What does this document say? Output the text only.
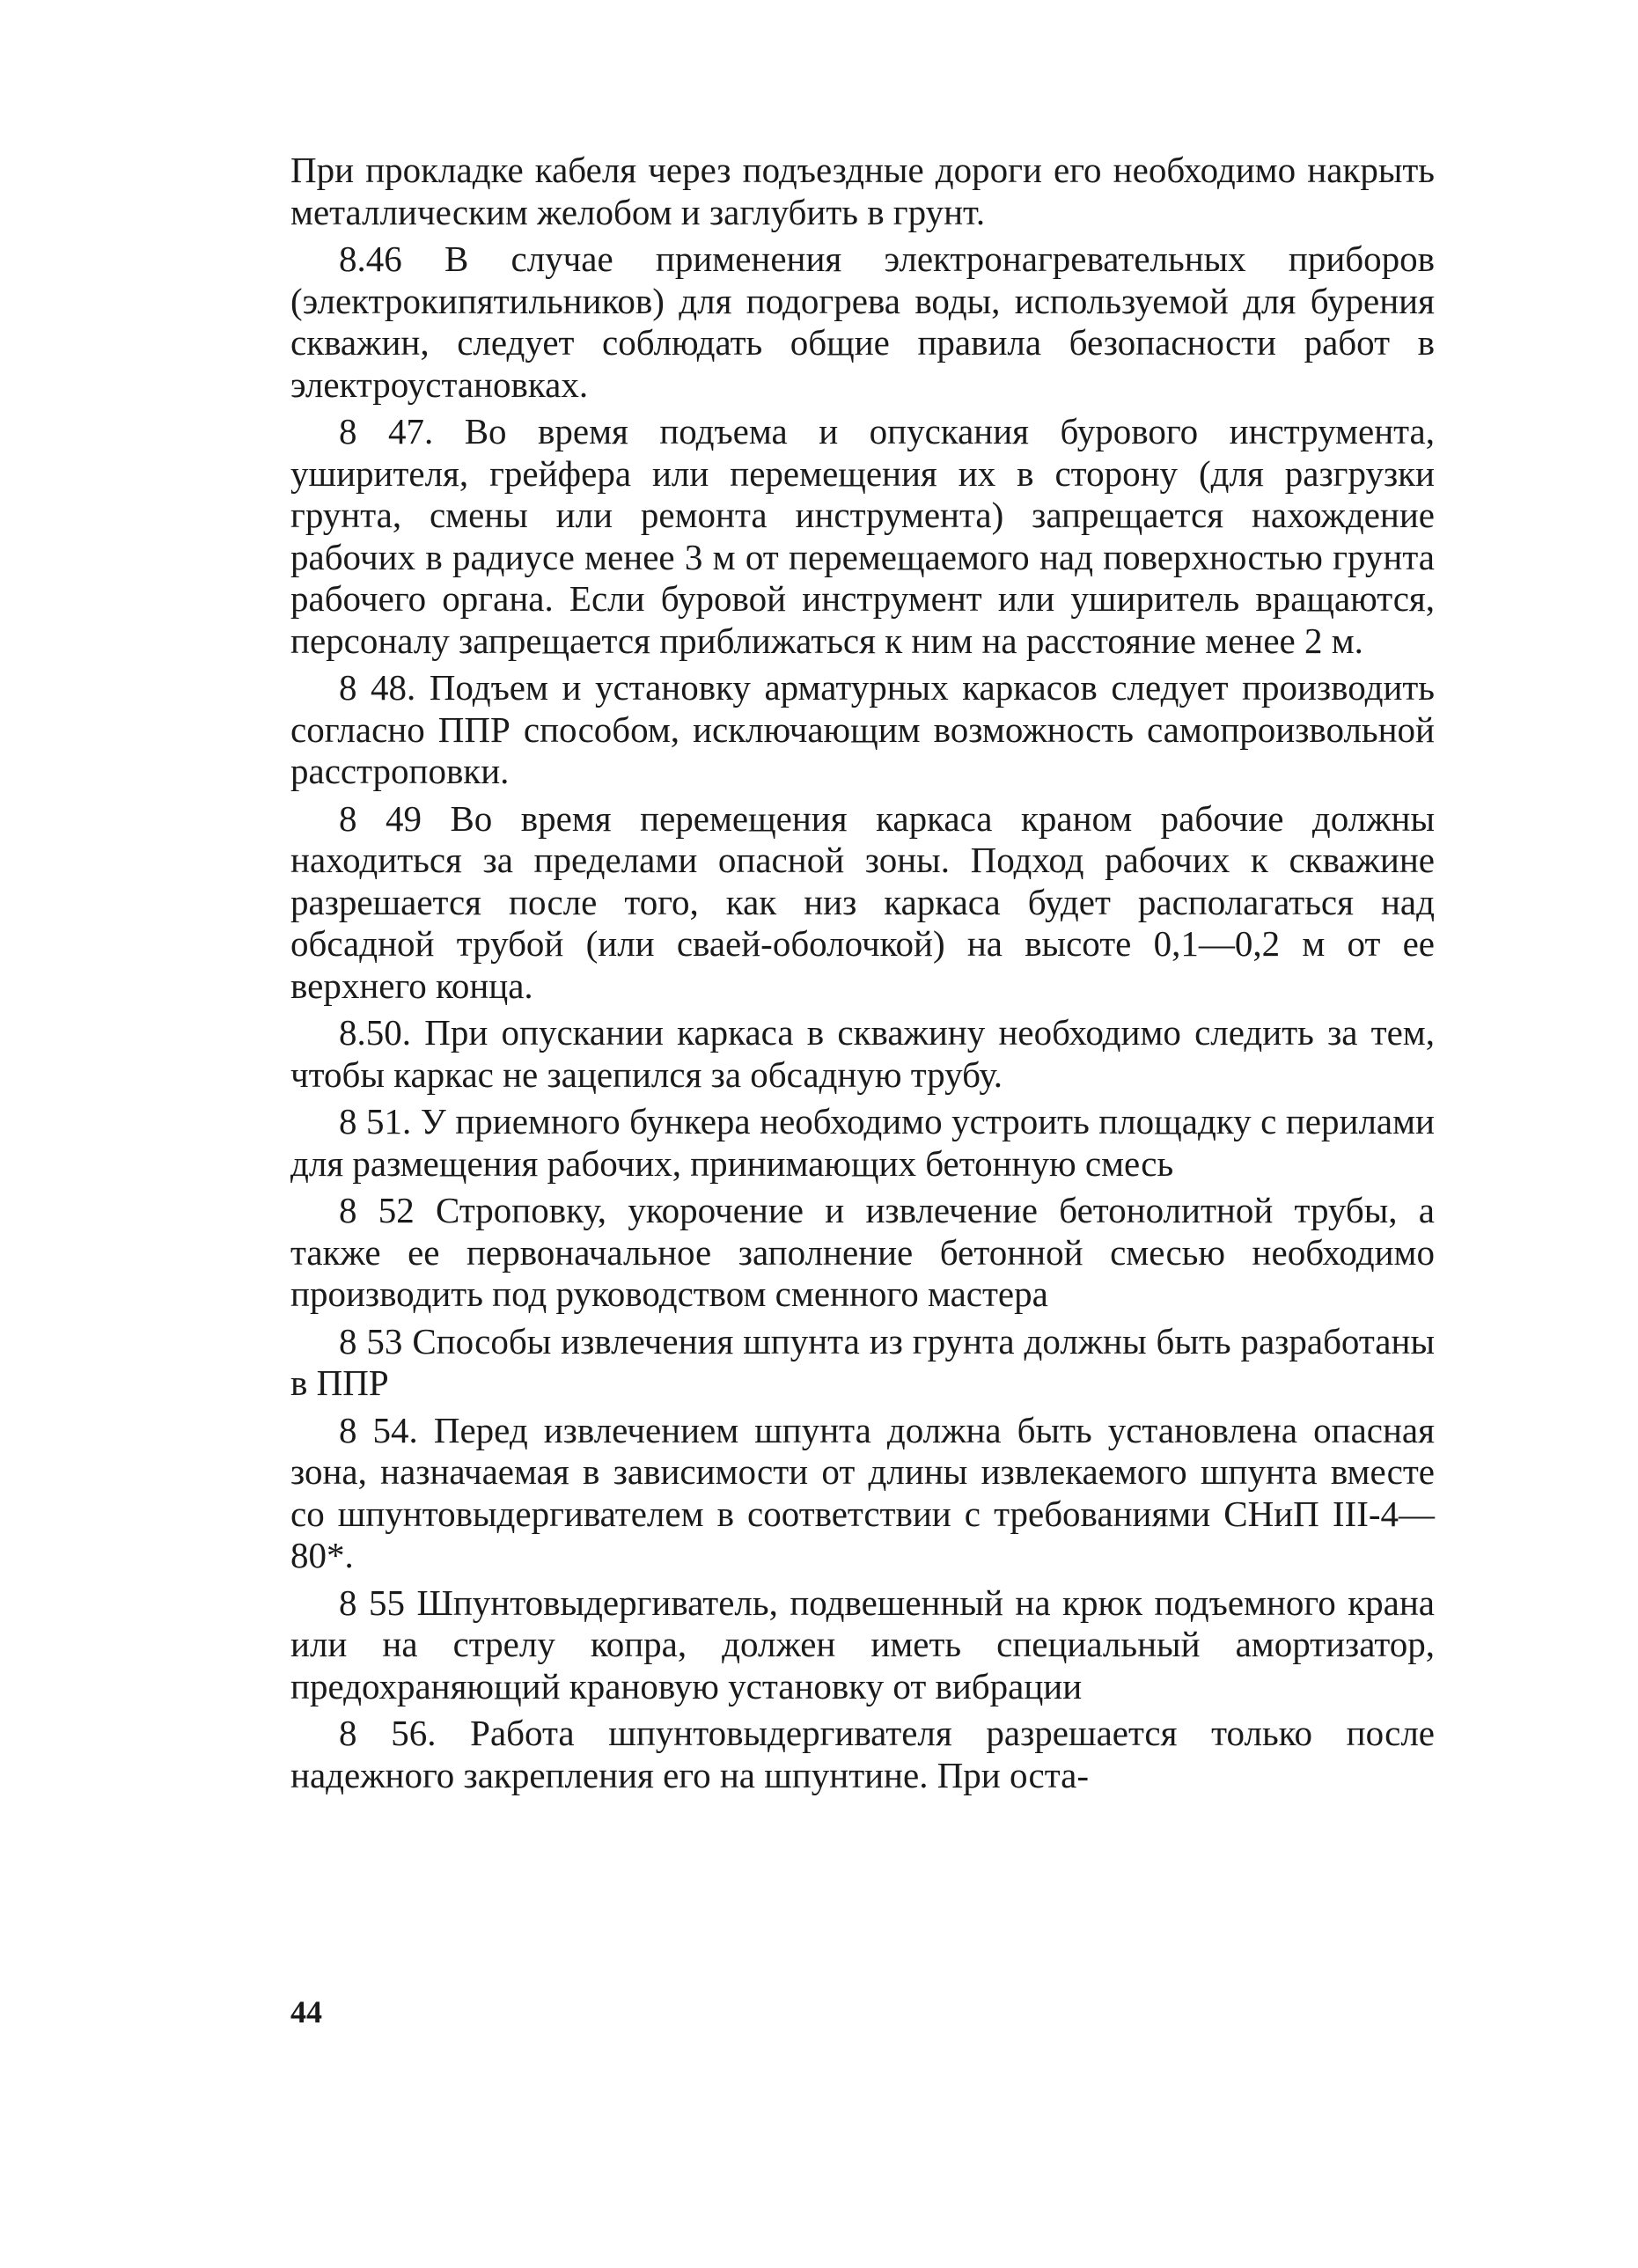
При прокладке кабеля через подъездные дороги его необходимо накрыть металлическим желобом и заглубить в грунт.

8.46 В случае применения электронагревательных приборов (электрокипятильников) для подогрева воды, используемой для бурения скважин, следует соблюдать общие правила безопасности работ в электроустановках.

8 47. Во время подъема и опускания бурового инструмента, уширителя, грейфера или перемещения их в сторону (для разгрузки грунта, смены или ремонта инструмента) запрещается нахождение рабочих в радиусе менее 3 м от перемещаемого над поверхностью грунта рабочего органа. Если буровой инструмент или уширитель вращаются, персоналу запрещается приближаться к ним на расстояние менее 2 м.

8 48. Подъем и установку арматурных каркасов следует производить согласно ППР способом, исключающим возможность самопроизвольной расстроповки.

8 49 Во время перемещения каркаса краном рабочие должны находиться за пределами опасной зоны. Подход рабочих к скважине разрешается после того, как низ каркаса будет располагаться над обсадной трубой (или сваей-оболочкой) на высоте 0,1—0,2 м от ее верхнего конца.

8.50. При опускании каркаса в скважину необходимо следить за тем, чтобы каркас не зацепился за обсадную трубу.

8 51. У приемного бункера необходимо устроить площадку с перилами для размещения рабочих, принимающих бетонную смесь

8 52 Строповку, укорочение и извлечение бетонолитной трубы, а также ее первоначальное заполнение бетонной смесью необходимо производить под руководством сменного мастера

8 53 Способы извлечения шпунта из грунта должны быть разработаны в ППР

8 54. Перед извлечением шпунта должна быть установлена опасная зона, назначаемая в зависимости от длины извлекаемого шпунта вместе со шпунтовыдергивателем в соответствии с требованиями СНиП III-4—80*.

8 55 Шпунтовыдергиватель, подвешенный на крюк подъемного крана или на стрелу копра, должен иметь специальный амортизатор, предохраняющий крановую установку от вибрации

8 56. Работа шпунтовыдергивателя разрешается только после надежного закрепления его на шпунтине. При оста-

44
